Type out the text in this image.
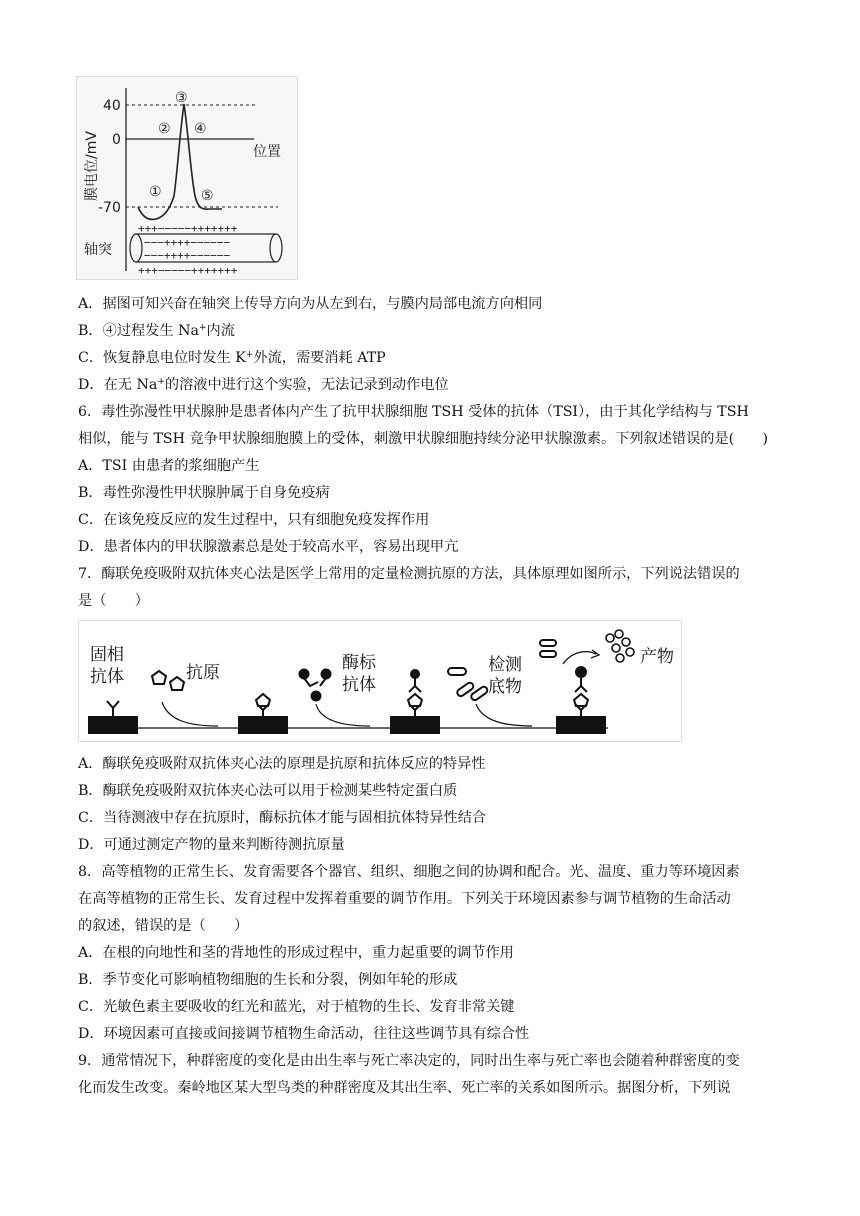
膜电位/mV
40
0
-70
位置
③
② ④
①	⑤
轴突
+++−−−−−+++++++
−−−++++−−−−−−
−−−++++−−−−−−
+++−−−−−+++++++
A．据图可知兴奋在轴突上传导方向为从左到右，与膜内局部电流方向相同
B．④过程发生 Na+内流
C．恢复静息电位时发生 K+外流，需要消耗 ATP
D．在无 Na+的溶液中进行这个实验，无法记录到动作电位
6．毒性弥漫性甲状腺肿是患者体内产生了抗甲状腺细胞 TSH 受体的抗体（TSI），由于其化学结构与 TSH
相似，能与 TSH 竞争甲状腺细胞膜上的受体，刺激甲状腺细胞持续分泌甲状腺激素。下列叙述错误的是(　　)
A．TSI 由患者的浆细胞产生
B．毒性弥漫性甲状腺肿属于自身免疫病
C．在该免疫反应的发生过程中，只有细胞免疫发挥作用
D．患者体内的甲状腺激素总是处于较高水平，容易出现甲亢
7．酶联免疫吸附双抗体夹心法是医学上常用的定量检测抗原的方法，具体原理如图所示，下列说法错误的
是（　　）
固相
抗体	抗原	酶标
抗体
检测
底物
产物
A．酶联免疫吸附双抗体夹心法的原理是抗原和抗体反应的特异性
B．酶联免疫吸附双抗体夹心法可以用于检测某些特定蛋白质
C．当待测液中存在抗原时，酶标抗体才能与固相抗体特异性结合
D．可通过测定产物的量来判断待测抗原量
8．高等植物的正常生长、发育需要各个器官、组织、细胞之间的协调和配合。光、温度、重力等环境因素
在高等植物的正常生长、发育过程中发挥着重要的调节作用。下列关于环境因素参与调节植物的生命活动
的叙述，错误的是（　　）
A．在根的向地性和茎的背地性的形成过程中，重力起重要的调节作用
B．季节变化可影响植物细胞的生长和分裂，例如年轮的形成
C．光敏色素主要吸收的红光和蓝光，对于植物的生长、发育非常关键
D．环境因素可直接或间接调节植物生命活动，往往这些调节具有综合性
9．通常情况下，种群密度的变化是由出生率与死亡率决定的，同时出生率与死亡率也会随着种群密度的变
化而发生改变。秦岭地区某大型鸟类的种群密度及其出生率、死亡率的关系如图所示。据图分析，下列说
